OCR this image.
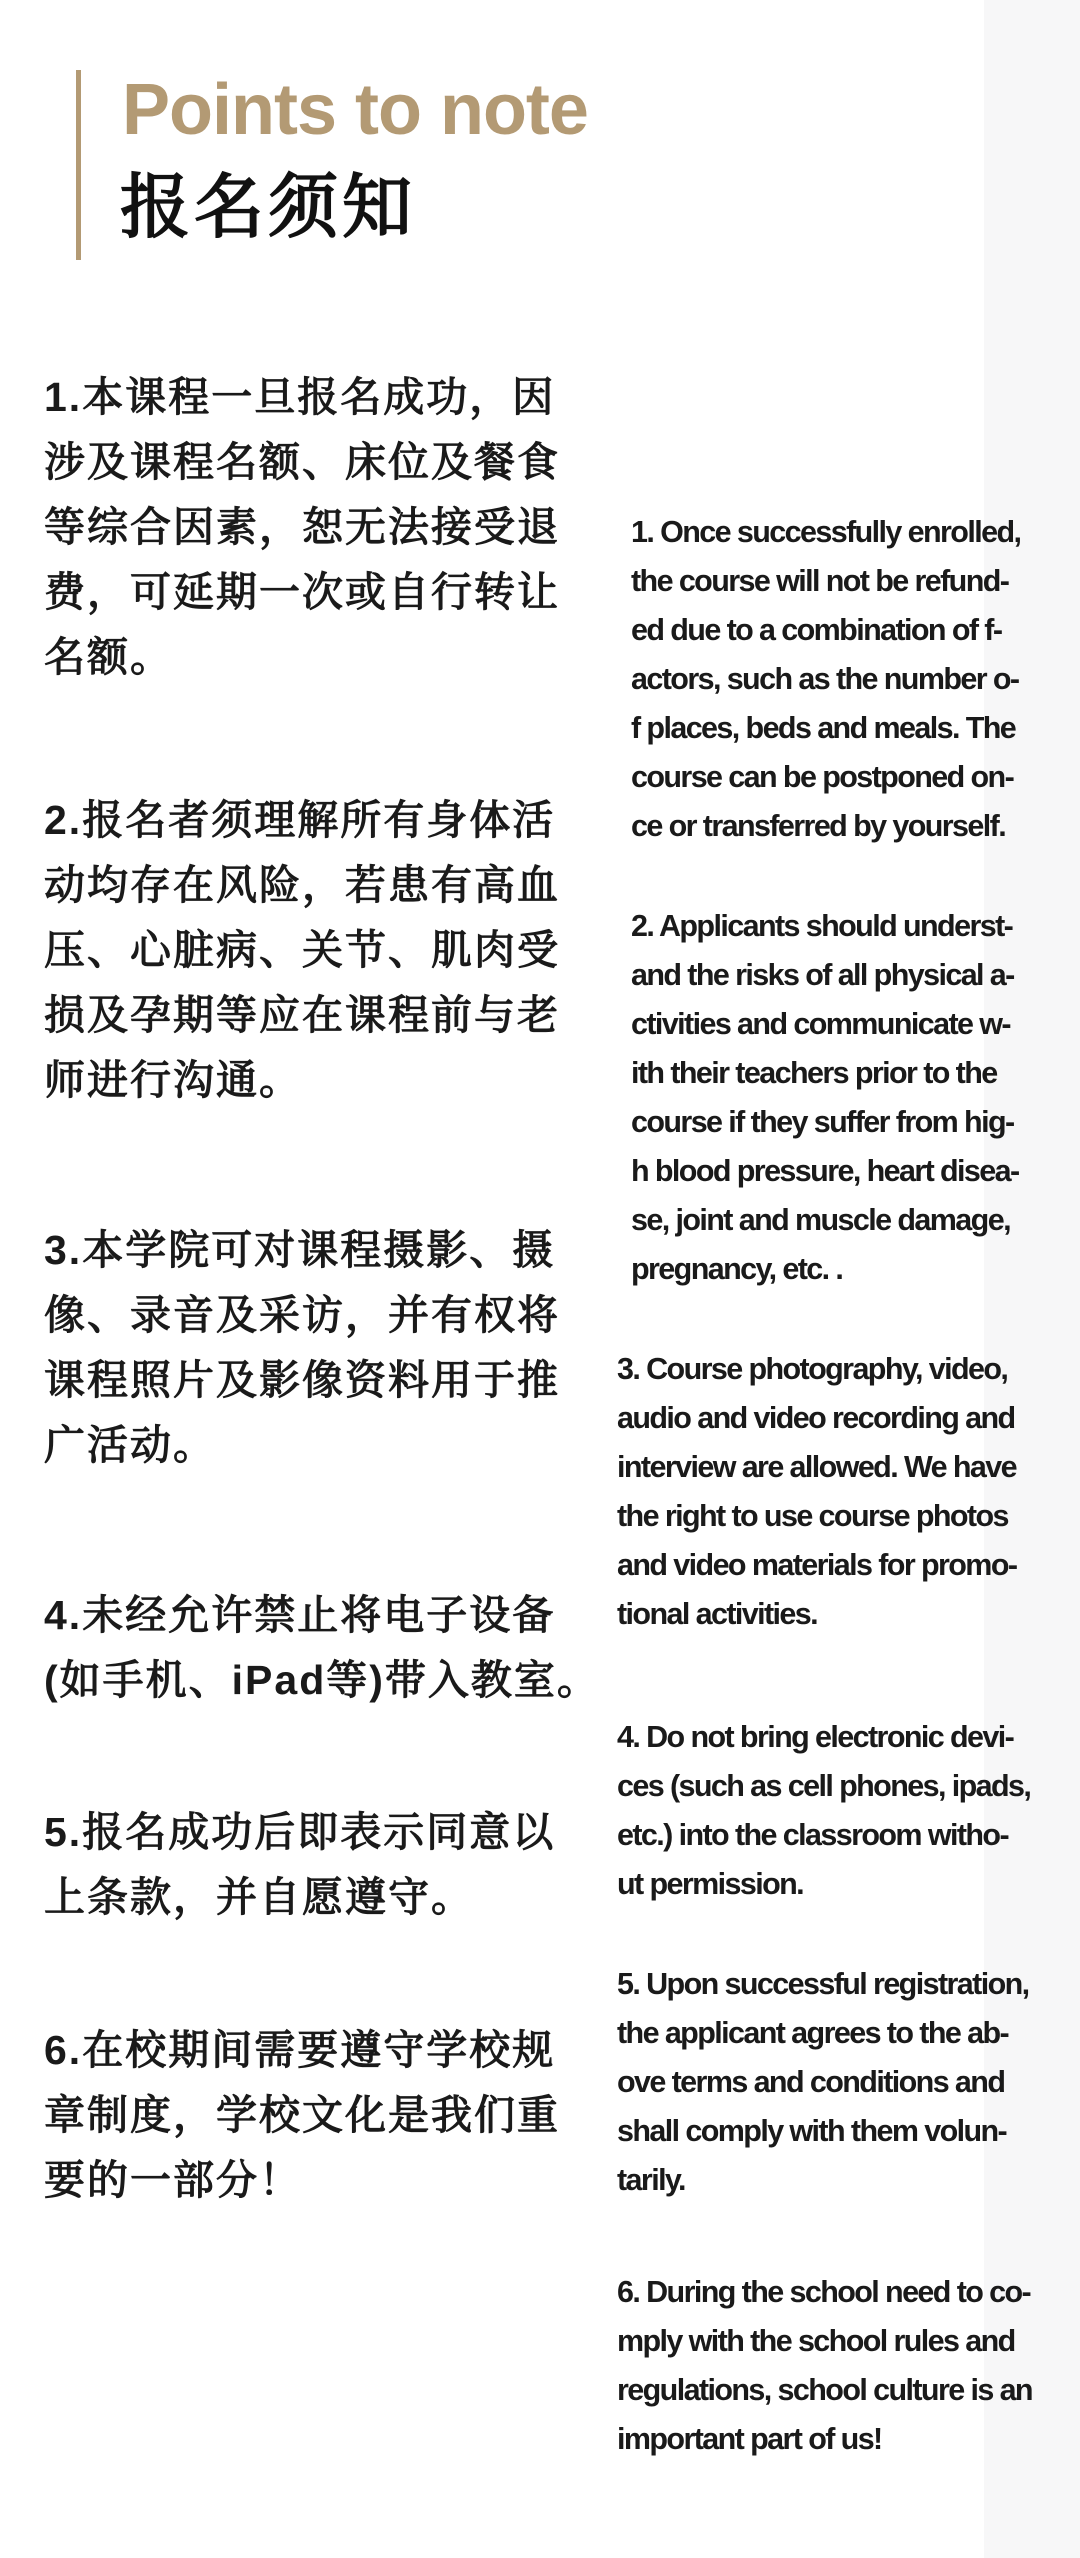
Points to note
报名须知
1.本课程一旦报名成功，因
涉及课程名额、床位及餐食
等综合因素，恕无法接受退
费，可延期一次或自行转让
名额。
2.报名者须理解所有身体活
动均存在风险，若患有高血
压、心脏病、关节、肌肉受
损及孕期等应在课程前与老
师进行沟通。
3.本学院可对课程摄影、摄
像、录音及采访，并有权将
课程照片及影像资料用于推
广活动。
4.未经允许禁止将电子设备
(如手机、iPad等)带入教室。
5.报名成功后即表示同意以
上条款，并自愿遵守。
6.在校期间需要遵守学校规
章制度，学校文化是我们重
要的一部分！
1. Once successfully enrolled,
the course will not be refund-
ed due to a combination of f-
actors, such as the number o-
f places, beds and meals. The
course can be postponed on-
ce or transferred by yourself.
2. Applicants should underst-
and the risks of all physical a-
ctivities and communicate w-
ith their teachers prior to the
course if they suffer from hig-
h blood pressure, heart disea-
se, joint and muscle damage,
pregnancy, etc. .
3. Course photography, video,
audio and video recording and
interview are allowed. We have
the right to use course photos
and video materials for promo-
tional activities.
4. Do not bring electronic devi-
ces (such as cell phones, ipads,
etc.) into the classroom witho-
ut permission.
5. Upon successful registration,
the applicant agrees to the ab-
ove terms and conditions and
shall comply with them volun-
tarily.
6. During the school need to co-
mply with the school rules and
regulations, school culture is an
important part of us!
